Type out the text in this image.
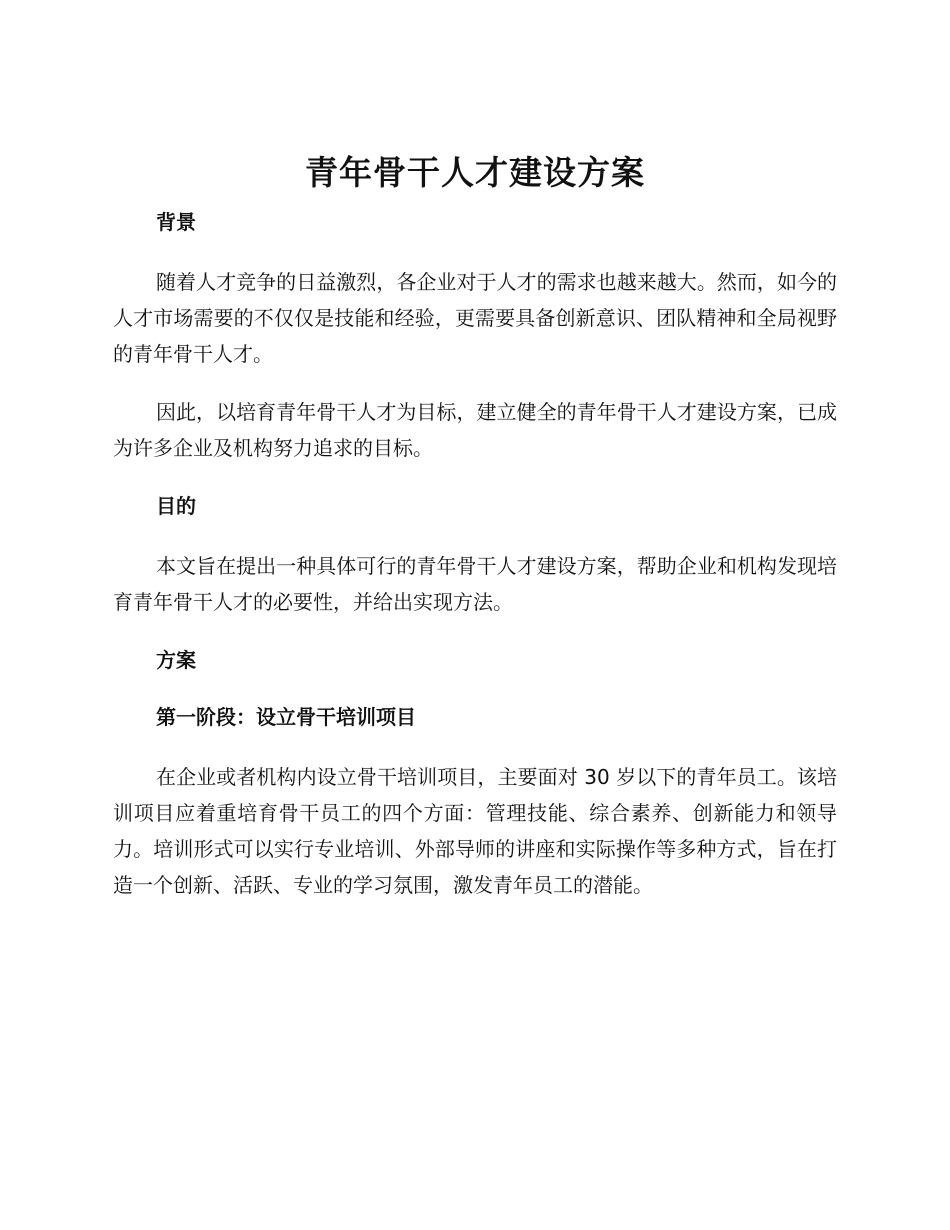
青年骨干人才建设方案

背景

随着人才竞争的日益激烈，各企业对于人才的需求也越来越大。然而，如今的人才市场需要的不仅仅是技能和经验，更需要具备创新意识、团队精神和全局视野的青年骨干人才。

因此，以培育青年骨干人才为目标，建立健全的青年骨干人才建设方案，已成为许多企业及机构努力追求的目标。

目的

本文旨在提出一种具体可行的青年骨干人才建设方案，帮助企业和机构发现培育青年骨干人才的必要性，并给出实现方法。

方案

第一阶段：设立骨干培训项目

在企业或者机构内设立骨干培训项目，主要面对 30 岁以下的青年员工。该培训项目应着重培育骨干员工的四个方面：管理技能、综合素养、创新能力和领导力。培训形式可以实行专业培训、外部导师的讲座和实际操作等多种方式，旨在打造一个创新、活跃、专业的学习氛围，激发青年员工的潜能。
